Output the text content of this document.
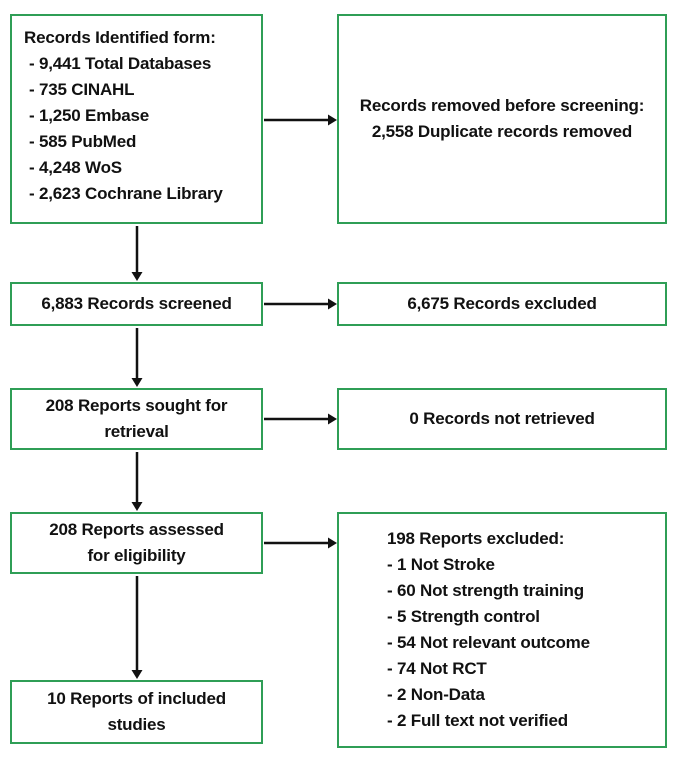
Records Identified form:
- 9,441 Total Databases
- 735 CINAHL
- 1,250 Embase
- 585 PubMed
- 4,248 WoS
- 2,623 Cochrane Library
Records removed before screening:
2,558 Duplicate records removed
6,883 Records screened	6,675 Records excluded
208 Reports sought for retrieval
0 Records not retrieved
208 Reports assessed for eligibility
198 Reports excluded:
- 1 Not Stroke
- 60 Not strength training
- 5 Strength control
- 54 Not relevant outcome
- 74 Not RCT
- 2 Non-Data
- 2 Full text not verified
10 Reports of included studies
